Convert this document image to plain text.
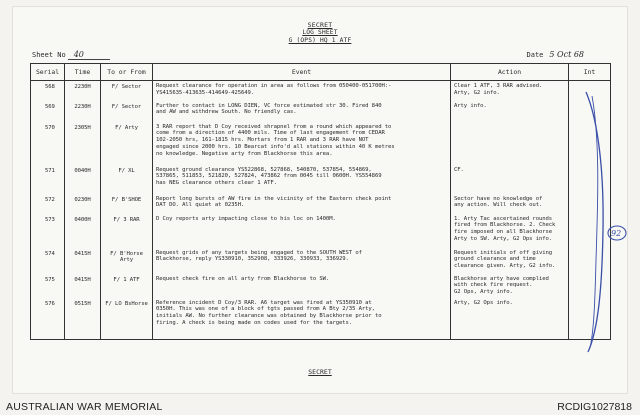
SECRET
LOG SHEET
G (OPS) HQ 1 ATF
Sheet No 40	Date 5 Oct 68
Serial	Time	To or From	Event	Action	Int
568	2230H	F/ Sector	Request clearance for operation in area as follows from 050400-051700H:-
YS415635-413635-414649-425649.	Clear 1 ATF, 3 RAR advised.
Arty, G2 info.	
569	2230H	F/ Sector	Further to contact in LONG DIEN, VC force estimated str 30. Fired 840
and AW and withdrew South. No friendly cas.	Arty info.	
570	2305H	F/ Arty	3 RAR report that D Coy received shrapnel from a round which appeared to
come from a direction of 4400 mils. Time of last engagement from CEDAR
102-2050 hrs, 161-1815 hrs. Mortars from 1 RAR and 3 RAR have NOT
engaged since 2000 hrs. 10 Bearcat info'd all stations within 40 K metres
no knowledge. Negative arty from Blackhorse this area.		
571	0040H	F/ XL	Request ground clearance YS522868, 527868, 540870, 537854, 554869,
537865, 511853, 521820, 527824, 473862 from 0045 till 0600H. YS554869
has NEG clearance others clear 1 ATF.	CF.	
572	0230H	F/ B'SHOE	Report long bursts of AW fire in the vicinity of the Eastern check point
DAT DO. All quiet at 0235H.	Sector have no knowledge of
any action. Will check out.	
573	0400H	F/ 3 RAR	D Coy reports arty impacting close to his loc on 1400M.	1. Arty Tac ascertained rounds
fired from Blackhorse. 2. Check
fire imposed on all Blackhorse
Arty to SW. Arty, G2 Ops info.	
574	0415H	F/ B'Horse
Arty	Request grids of any targets being engaged to the SOUTH WEST of
Blackhorse, reply YS330910, 352908, 333926, 330933, 336929.	Request initials of off giving
ground clearance and time
clearance given. Arty, G2 info.	
575	0415H	F/ 1 ATF	Request check fire on all arty from Blackhorse to SW.	Blackhorse arty have complied
with check fire request.
G2 Ops, Arty info.	
576	0515H	F/ LO BsHorse	Reference incident D Coy/3 RAR. A6 target was fired at YS350910 at
0350H. This was one of a block of tgts passed from A Bty 2/35 Arty,
initials AW. No further clearance was obtained by Blackhorse prior to
firing. A check is being made on codes used for the targets.	Arty, G2 Ops info.	
92
SECRET
AUSTRALIAN WAR MEMORIAL	RCDIG1027818
